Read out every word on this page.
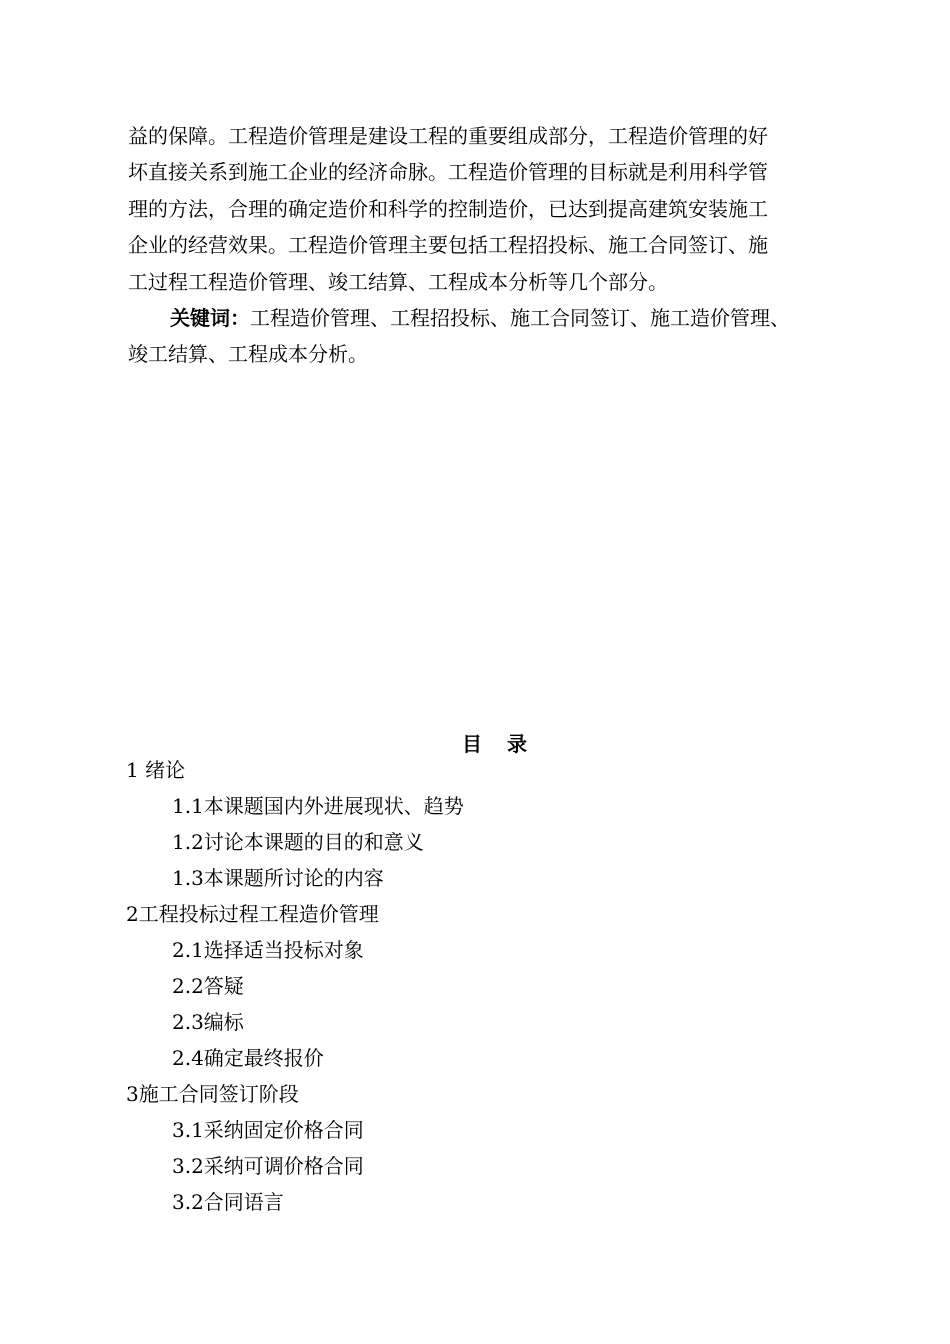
益的保障。工程造价管理是建设工程的重要组成部分，工程造价管理的好

坏直接关系到施工企业的经济命脉。工程造价管理的目标就是利用科学管

理的方法，合理的确定造价和科学的控制造价，已达到提高建筑安装施工

企业的经营效果。工程造价管理主要包括工程招投标、施工合同签订、施

工过程工程造价管理、竣工结算、工程成本分析等几个部分。

关键词：工程造价管理、工程招投标、施工合同签订、施工造价管理、

竣工结算、工程成本分析。

目 录
1 绪论
1.1本课题国内外进展现状、趋势
1.2讨论本课题的目的和意义
1.3本课题所讨论的内容
2工程投标过程工程造价管理
2.1选择适当投标对象
2.2答疑
2.3编标
2.4确定最终报价
3施工合同签订阶段
3.1采纳固定价格合同
3.2采纳可调价格合同
3.2合同语言
